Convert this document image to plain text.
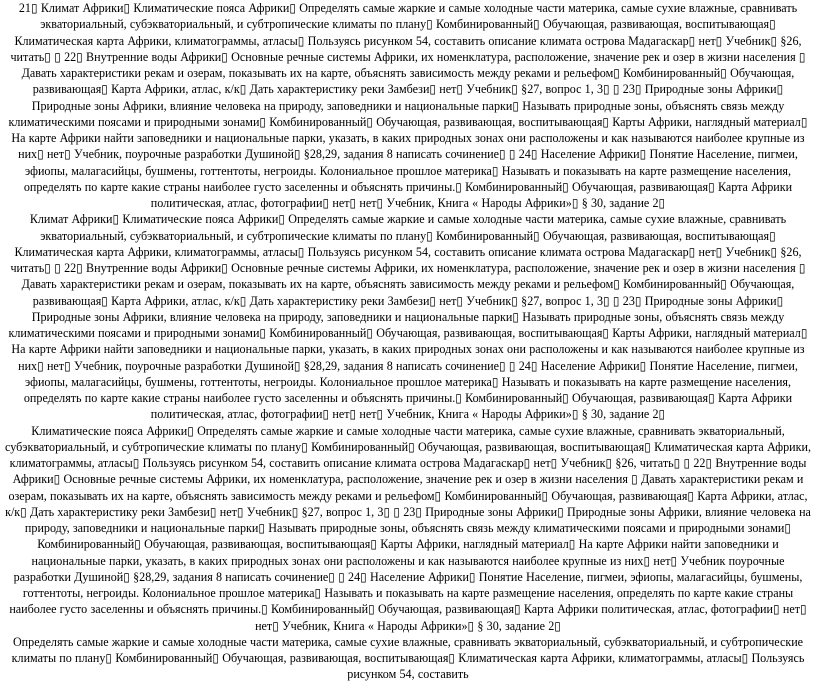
21▯ Климат Африки▯ Климатические пояса Африки▯ Определять самые жаркие и самые холодные части материка, самые сухие влажные, сравнивать экваториальный, субэкваториальный, и субтропические климаты по плану▯ Комбинированный▯ Обучающая, развивающая, воспитывающая▯ Климатическая карта Африки, климатограммы, атласы▯ Пользуясь рисунком 54, составить описание климата острова Мадагаскар▯ нет▯ Учебник▯ §26, читать▯ ▯ 22▯ Внутренние воды Африки▯ Основные речные системы Африки, их номенклатура, расположение, значение рек и озер в жизни населения ▯ Давать характеристики рекам и озерам, показывать их на карте, объяснять зависимость между реками и рельефом▯ Комбинированный▯ Обучающая, развивающая▯ Карта Африки, атлас, к/к▯ Дать характеристику реки Замбези▯ нет▯ Учебник▯ §27, вопрос 1, 3▯ ▯ 23▯ Природные зоны Африки▯ Природные зоны Африки, влияние человека на природу, заповедники и национальные парки▯ Называть природные зоны, объяснять связь между климатическими поясами и природными зонами▯ Комбинированный▯ Обучающая, развивающая, воспитывающая▯ Карты Африки, наглядный материал▯ На карте Африки найти заповедники и национальные парки, указать, в каких природных зонах они расположены и как называются наиболее крупные из них▯ нет▯ Учебник, поурочные разработки Душиной▯ §28,29, задания 8 написать сочинение▯ ▯ 24▯ Население Африки▯ Понятие Население, пигмеи, эфиопы, малагасийцы, бушмены, готтентоты, негроиды. Колониальное прошлое материка▯ Называть и показывать на карте размещение населения, определять по карте какие страны наиболее густо заселенны и объяснять причины.▯ Комбинированный▯ Обучающая, развивающая▯ Карта Африки политическая, атлас, фотографии▯ нет▯ нет▯ Учебник, Книга « Народы Африки»▯ § 30, задание 2▯

Климат Африки▯ Климатические пояса Африки▯ Определять самые жаркие и самые холодные части материка, самые сухие влажные, сравнивать экваториальный, субэкваториальный, и субтропические климаты по плану▯ Комбинированный▯ Обучающая, развивающая, воспитывающая▯ Климатическая карта Африки, климатограммы, атласы▯ Пользуясь рисунком 54, составить описание климата острова Мадагаскар▯ нет▯ Учебник▯ §26, читать▯ ▯ 22▯ Внутренние воды Африки▯ Основные речные системы Африки, их номенклатура, расположение, значение рек и озер в жизни населения ▯ Давать характеристики рекам и озерам, показывать их на карте, объяснять зависимость между реками и рельефом▯ Комбинированный▯ Обучающая, развивающая▯ Карта Африки, атлас, к/к▯ Дать характеристику реки Замбези▯ нет▯ Учебник▯ §27, вопрос 1, 3▯ ▯ 23▯ Природные зоны Африки▯ Природные зоны Африки, влияние человека на природу, заповедники и национальные парки▯ Называть природные зоны, объяснять связь между климатическими поясами и природными зонами▯ Комбинированный▯ Обучающая, развивающая, воспитывающая▯ Карты Африки, наглядный материал▯ На карте Африки найти заповедники и национальные парки, указать, в каких природных зонах они расположены и как называются наиболее крупные из них▯ нет▯ Учебник, поурочные разработки Душиной▯ §28,29, задания 8 написать сочинение▯ ▯ 24▯ Население Африки▯ Понятие Население, пигмеи, эфиопы, малагасийцы, бушмены, готтентоты, негроиды. Колониальное прошлое материка▯ Называть и показывать на карте размещение населения, определять по карте какие страны наиболее густо заселенны и объяснять причины.▯ Комбинированный▯ Обучающая, развивающая▯ Карта Африки политическая, атлас, фотографии▯ нет▯ нет▯ Учебник, Книга « Народы Африки»▯ § 30, задание 2▯

Климатические пояса Африки▯ Определять самые жаркие и самые холодные части материка, самые сухие влажные, сравнивать экваториальный, субэкваториальный, и субтропические климаты по плану▯ Комбинированный▯ Обучающая, развивающая, воспитывающая▯ Климатическая карта Африки, климатограммы, атласы▯ Пользуясь рисунком 54, составить описание климата острова Мадагаскар▯ нет▯ Учебник▯ §26, читать▯ ▯ 22▯ Внутренние воды Африки▯ Основные речные системы Африки, их номенклатура, расположение, значение рек и озер в жизни населения ▯ Давать характеристики рекам и озерам, показывать их на карте, объяснять зависимость между реками и рельефом▯ Комбинированный▯ Обучающая, развивающая▯ Карта Африки, атлас, к/к▯ Дать характеристику реки Замбези▯ нет▯ Учебник▯ §27, вопрос 1, 3▯ ▯ 23▯ Природные зоны Африки▯ Природные зоны Африки, влияние человека на природу, заповедники и национальные парки▯ Называть природные зоны, объяснять связь между климатическими поясами и природными зонами▯ Комбинированный▯ Обучающая, развивающая, воспитывающая▯ Карты Африки, наглядный материал▯ На карте Африки найти заповедники и национальные парки, указать, в каких природных зонах они расположены и как называются наиболее крупные из них▯ нет▯ Учебник поурочные разработки Душиной▯ §28,29, задания 8 написать сочинение▯ ▯ 24▯ Население Африки▯ Понятие Население, пигмеи, эфиопы, малагасийцы, бушмены, готтентоты, негроиды. Колониальное прошлое материка▯ Называть и показывать на карте размещение населения, определять по карте какие страны наиболее густо заселенны и объяснять причины.▯ Комбинированный▯ Обучающая, развивающая▯ Карта Африки политическая, атлас, фотографии▯ нет▯ нет▯ Учебник, Книга « Народы Африки»▯ § 30, задание 2▯

Определять самые жаркие и самые холодные части материка, самые сухие влажные, сравнивать экваториальный, субэкваториальный, и субтропические климаты по плану▯ Комбинированный▯ Обучающая, развивающая, воспитывающая▯ Климатическая карта Африки, климатограммы, атласы▯ Пользуясь рисунком 54, составить
